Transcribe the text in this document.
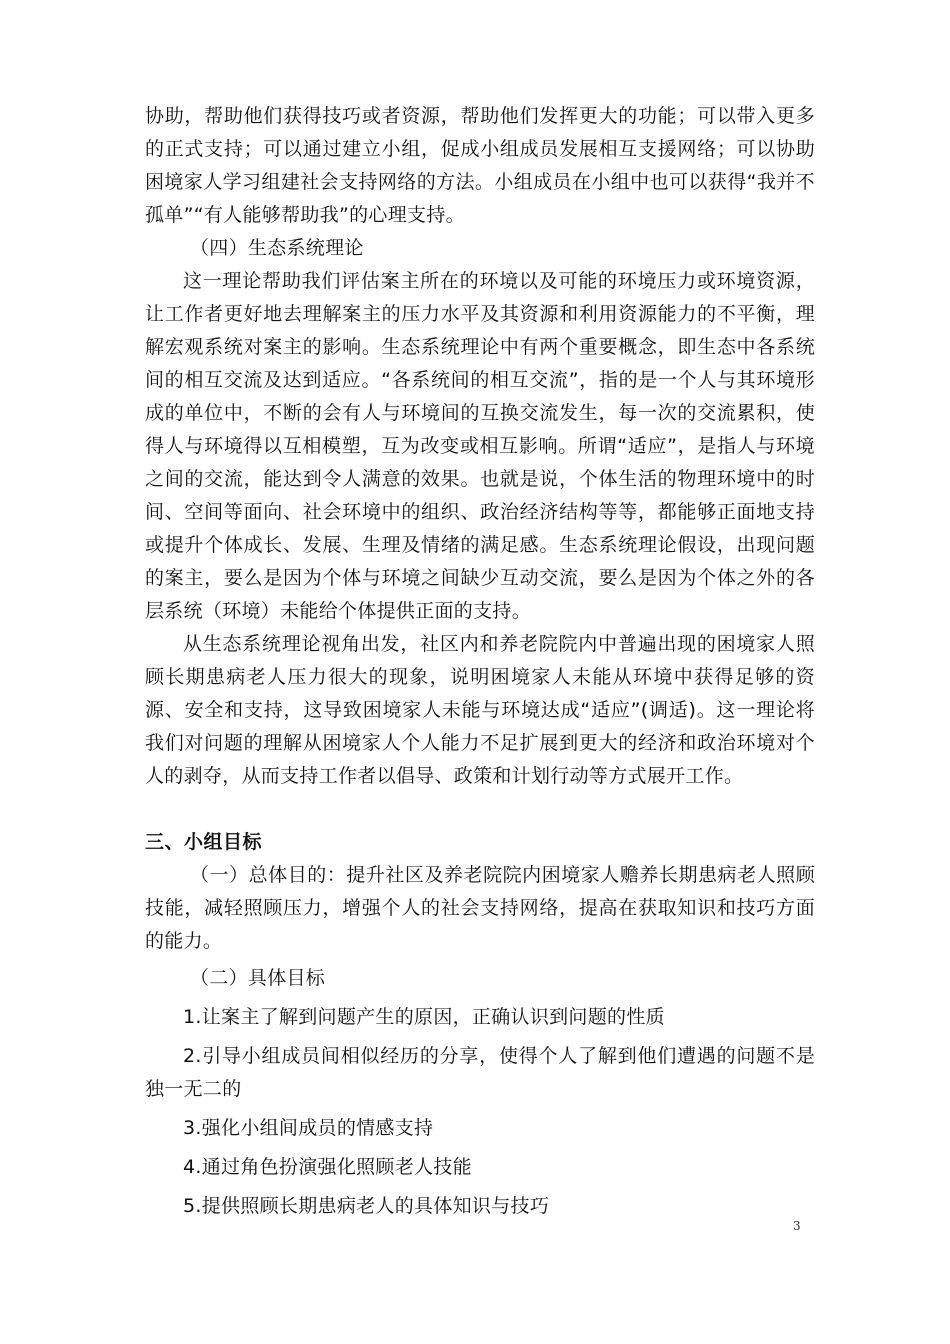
协助，帮助他们获得技巧或者资源，帮助他们发挥更大的功能；可以带入更多的正式支持；可以通过建立小组，促成小组成员发展相互支援网络；可以协助困境家人学习组建社会支持网络的方法。小组成员在小组中也可以获得“我并不孤单”“有人能够帮助我”的心理支持。

（四）生态系统理论

这一理论帮助我们评估案主所在的环境以及可能的环境压力或环境资源，让工作者更好地去理解案主的压力水平及其资源和利用资源能力的不平衡，理解宏观系统对案主的影响。生态系统理论中有两个重要概念，即生态中各系统间的相互交流及达到适应。“各系统间的相互交流”，指的是一个人与其环境形成的单位中，不断的会有人与环境间的互换交流发生，每一次的交流累积，使得人与环境得以互相模塑，互为改变或相互影响。所谓“适应”，是指人与环境之间的交流，能达到令人满意的效果。也就是说，个体生活的物理环境中的时间、空间等面向、社会环境中的组织、政治经济结构等等，都能够正面地支持或提升个体成长、发展、生理及情绪的满足感。生态系统理论假设，出现问题的案主，要么是因为个体与环境之间缺少互动交流，要么是因为个体之外的各层系统（环境）未能给个体提供正面的支持。

从生态系统理论视角出发，社区内和养老院院内中普遍出现的困境家人照顾长期患病老人压力很大的现象，说明困境家人未能从环境中获得足够的资源、安全和支持，这导致困境家人未能与环境达成“适应”(调适)。这一理论将我们对问题的理解从困境家人个人能力不足扩展到更大的经济和政治环境对个人的剥夺，从而支持工作者以倡导、政策和计划行动等方式展开工作。

三、小组目标

（一）总体目的：提升社区及养老院院内困境家人赡养长期患病老人照顾技能，减轻照顾压力，增强个人的社会支持网络，提高在获取知识和技巧方面的能力。

（二）具体目标

1.让案主了解到问题产生的原因，正确认识到问题的性质

2.引导小组成员间相似经历的分享，使得个人了解到他们遭遇的问题不是独一无二的

3.强化小组间成员的情感支持

4.通过角色扮演强化照顾老人技能

5.提供照顾长期患病老人的具体知识与技巧

3
